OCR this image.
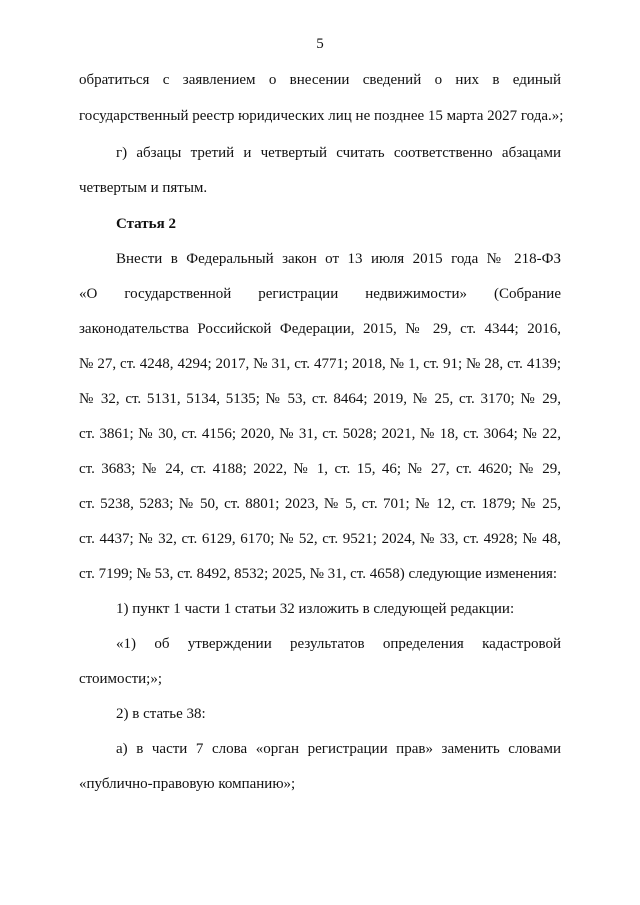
5
обратиться с заявлением о внесении сведений о них в единый
государственный реестр юридических лиц не позднее 15 марта 2027 года.»;
г) абзацы третий и четвертый считать соответственно абзацами
четвертым и пятым.
Статья 2
Внести в Федеральный закон от 13 июля 2015 года № 218-ФЗ
«О государственной регистрации недвижимости» (Собрание
законодательства Российской Федерации, 2015, № 29, ст. 4344; 2016,
№ 27, ст. 4248, 4294; 2017, № 31, ст. 4771; 2018, № 1, ст. 91; № 28, ст. 4139;
№ 32, ст. 5131, 5134, 5135; № 53, ст. 8464; 2019, № 25, ст. 3170; № 29,
ст. 3861; № 30, ст. 4156; 2020, № 31, ст. 5028; 2021, № 18, ст. 3064; № 22,
ст. 3683; № 24, ст. 4188; 2022, № 1, ст. 15, 46; № 27, ст. 4620; № 29,
ст. 5238, 5283; № 50, ст. 8801; 2023, № 5, ст. 701; № 12, ст. 1879; № 25,
ст. 4437; № 32, ст. 6129, 6170; № 52, ст. 9521; 2024, № 33, ст. 4928; № 48,
ст. 7199; № 53, ст. 8492, 8532; 2025, № 31, ст. 4658) следующие изменения:
1) пункт 1 части 1 статьи 32 изложить в следующей редакции:
«1) об утверждении результатов определения кадастровой
стоимости;»;
2) в статье 38:
а) в части 7 слова «орган регистрации прав» заменить словами
«публично-правовую компанию»;
